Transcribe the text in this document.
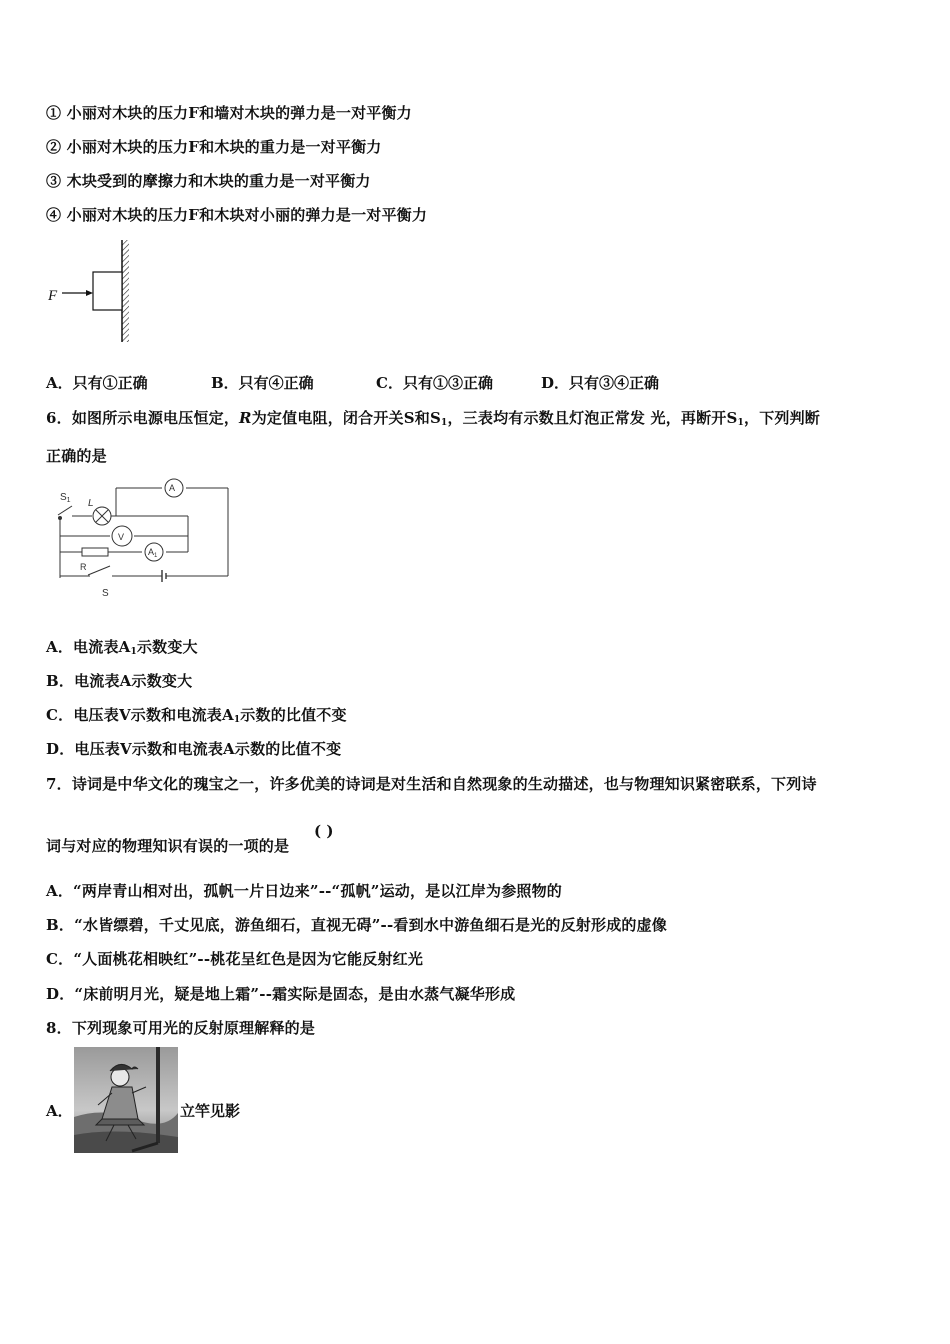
① 小丽对木块的压力F和墙对木块的弹力是一对平衡力
② 小丽对木块的压力F和木块的重力是一对平衡力
③ 木块受到的摩擦力和木块的重力是一对平衡力
④ 小丽对木块的压力F和木块对小丽的弹力是一对平衡力
F
A．只有①正确	B．只有④正确	C．只有①③正确	D．只有③④正确
6．如图所示电源电压恒定，R为定值电阻，闭合开关S和$S_1$，三表均有示数且灯泡正常发 光，再断开$S_1$，下列判断
正确的是
A
V
$A_1$
$S_1$ L
R
S
A．电流表$A_1$示数变大
B．电流表A示数变大
C．电压表V示数和电流表$A_1$示数的比值不变
D．电压表V示数和电流表A示数的比值不变
7．诗词是中华文化的瑰宝之一，许多优美的诗词是对生活和自然现象的生动描述，也与物理知识紧密联系，下列诗
词与对应的物理知识有误的一项的是
( )
A．“两岸青山相对出，孤帆一片日边来”--“孤帆”运动，是以江岸为参照物的
B．“水皆缥碧，千丈见底，游鱼细石，直视无碍”--看到水中游鱼细石是光的反射形成的虚像
C．“人面桃花相映红”--桃花呈红色是因为它能反射红光
D．“床前明月光，疑是地上霜”--霜实际是固态，是由水蒸气凝华形成
8．下列现象可用光的反射原理解释的是
A．	立竿见影
